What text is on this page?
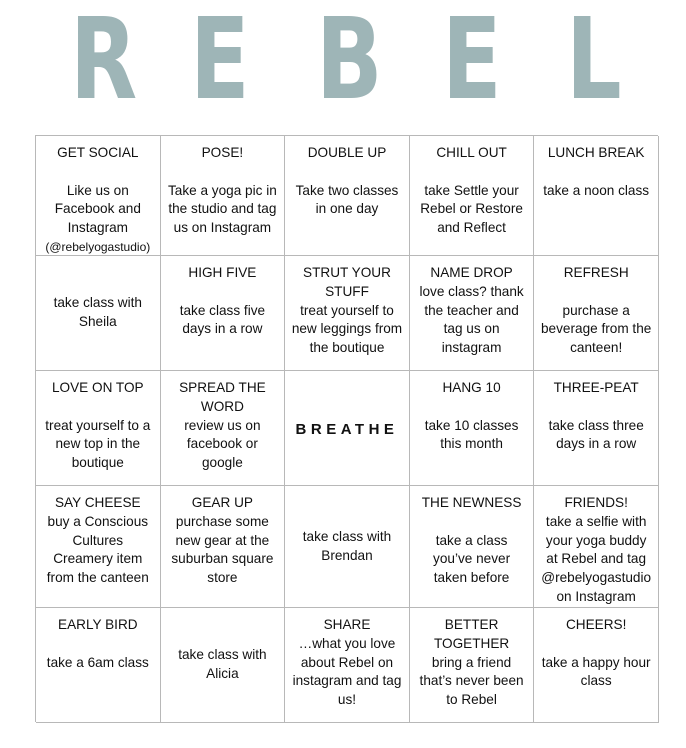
R E B E L
GET SOCIAL
Like us on Facebook and Instagram
(@rebelyogastudio)
POSE!
Take a yoga pic in the studio and tag us on Instagram
DOUBLE UP
Take two classes in one day
CHILL OUT
take Settle your Rebel or Restore and Reflect
LUNCH BREAK
take a noon class
take class with Sheila
HIGH FIVE
take class five days in a row
STRUT YOUR STUFF
treat yourself to new leggings from the boutique
NAME DROP
love class? thank the teacher and tag us on instagram
REFRESH
purchase a beverage from the canteen!
LOVE ON TOP
treat yourself to a new top in the boutique
SPREAD THE WORD
review us on facebook or google
BREATHE
HANG 10
take 10 classes this month
THREE-PEAT
take class three days in a row
SAY CHEESE
buy a Conscious Cultures Creamery item from the canteen
GEAR UP
purchase some new gear at the suburban square store
take class with Brendan
THE NEWNESS
take a class you’ve never taken before
FRIENDS!
take a selfie with your yoga buddy at Rebel and tag @rebelyogastudio on Instagram
EARLY BIRD
take a 6am class	take class with Alicia
SHARE
…what you love about Rebel on instagram and tag us!
BETTER TOGETHER
bring a friend that’s never been to Rebel
CHEERS!
take a happy hour class
